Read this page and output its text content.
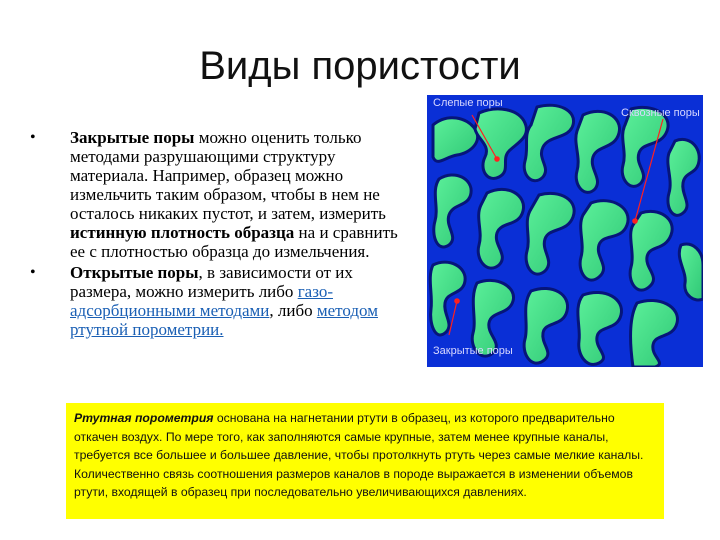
Виды пористости
• Закрытые поры можно оценить только методами разрушающими структуру материала. Например, образец можно измельчить таким образом, чтобы в нем не осталось никаких пустот, и затем, измерить истинную плотность образца на и сравнить ее с плотностью образца до измельчения.
• Открытые поры, в зависимости от их размера, можно измерить либо газо-адсорбционными методами, либо методом ртутной порометрии.
Слепые поры
Сквозные поры
Закрытые поры
Ртутная порометрия основана на нагнетании ртути в образец, из которого предварительно откачен воздух. По мере того, как заполняются самые крупные, затем менее крупные каналы, требуется все большее и большее давление, чтобы протолкнуть ртуть через самые мелкие каналы. Количественно связь соотношения размеров каналов в породе выражается в изменении объемов ртути, входящей в образец при последовательно увеличивающихся давлениях.
